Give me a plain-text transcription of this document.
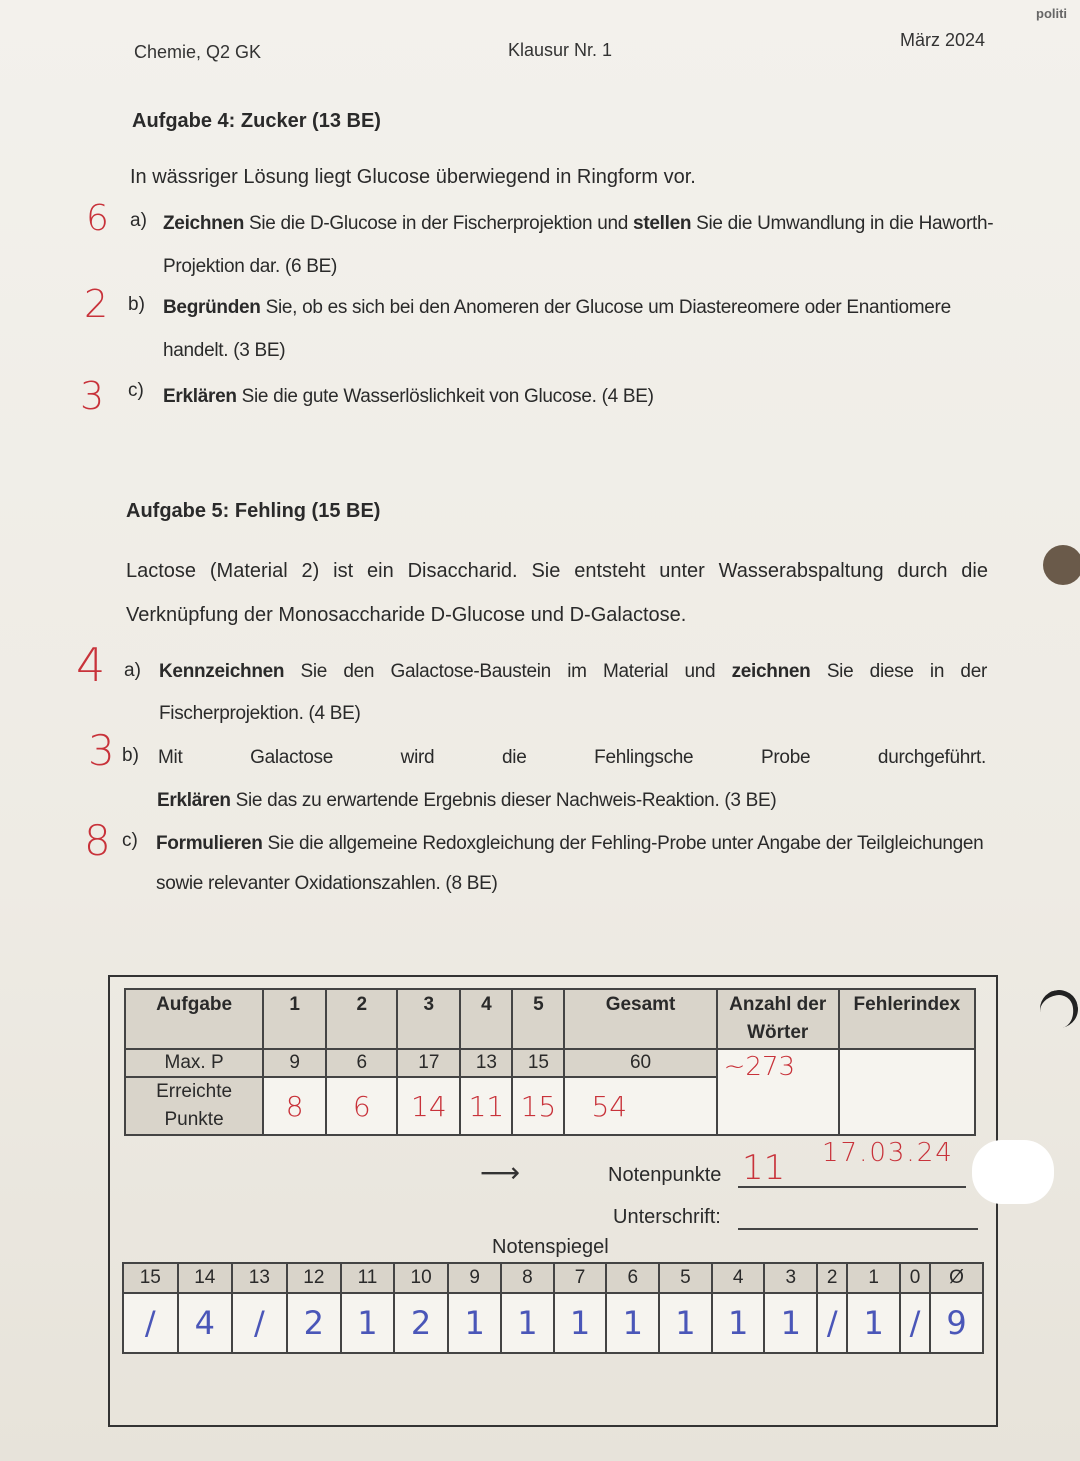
Chemie, Q2 GK	Klausur Nr. 1	März 2024
politi
Aufgabe 4: Zucker (13 BE)
In wässriger Lösung liegt Glucose überwiegend in Ringform vor.
6 a) Zeichnen Sie die D-Glucose in der Fischerprojektion und stellen Sie die Umwandlung in die Haworth-
Projektion dar. (6 BE)
2 b) Begründen Sie, ob es sich bei den Anomeren der Glucose um Diastereomere oder Enantiomere
handelt. (3 BE)
3 c) Erklären Sie die gute Wasserlöslichkeit von Glucose. (4 BE)
Aufgabe 5: Fehling (15 BE)
Lactose (Material 2) ist ein Disaccharid. Sie entsteht unter Wasserabspaltung durch die
Verknüpfung der Monosaccharide D-Glucose und D-Galactose.
4 a) Kennzeichnen Sie den Galactose-Baustein im Material und zeichnen Sie diese in der
Fischerprojektion. (4 BE)
3 b) Mit Galactose wird die Fehlingsche Probe durchgeführt.
Erklären Sie das zu erwartende Ergebnis dieser Nachweis-Reaktion. (3 BE)
8 c) Formulieren Sie die allgemeine Redoxgleichung der Fehling-Probe unter Angabe der Teilgleichungen
sowie relevanter Oxidationszahlen. (8 BE)
Aufgabe	1	2	3	4	5	Gesamt	Anzahl der Wörter	Fehlerindex
Max. P	9	6	17	13	15	60	~273	
Erreichte Punkte	8	6	14	11	15	54		
⟶	Notenpunkte 11 17.03.24
Unterschrift:
Notenspiegel
15	14	13	12	11	10	9	8	7	6	5	4	3	2	1	0	Ø
/	4	/	2	1	2	1	1	1	1	1	1	1	/	1	/	9
